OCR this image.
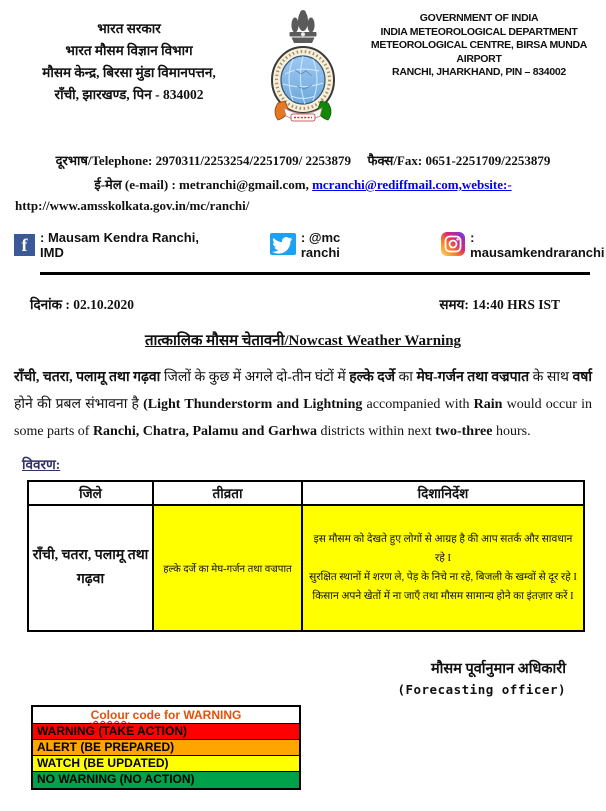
भारत सरकार
भारत मौसम विज्ञान विभाग
मौसम केन्द्र, बिरसा मुंडा विमानपत्तन,
राँची, झारखण्ड, पिन - 834002
GOVERNMENT OF INDIA
INDIA METEOROLOGICAL DEPARTMENT
METEOROLOGICAL CENTRE, BIRSA MUNDA AIRPORT
RANCHI, JHARKHAND, PIN – 834002
दूरभाष/Telephone: 2970311/2253254/2251709/ 2253879 फैक्स/Fax: 0651-2251709/2253879
ई-मेल (e-mail) : metranchi@gmail.com, mcranchi@rediffmail.com,website:-
http://www.amsskolkata.gov.in/mc/ranchi/
f : Mausam Kendra Ranchi, IMD
: @mc ranchi
: mausamkendraranchi
दिनांक : 02.10.2020	समय: 14:40 HRS IST
तात्कालिक मौसम चेतावनी/Nowcast Weather Warning
राँची, चतरा, पलामू तथा गढ़वा जिलों के कुछ में अगले दो-तीन घंटों में हल्के दर्जे का मेघ-गर्जन तथा वज्रपात के साथ वर्षा होने की प्रबल संभावना है (Light Thunderstorm and Lightning accompanied with Rain would occur in some parts of Ranchi, Chatra, Palamu and Garhwa districts within next two-three hours.
विवरण:
जिले	तीव्रता	दिशानिर्देश
राँची, चतरा, पलामू तथा गढ़वा	हल्के दर्जे का मेघ-गर्जन तथा वज्रपात	इस मौसम को देखते हुए लोगों से आग्रह है की आप सतर्क और सावधान रहे I
सुरक्षित स्थानों में शरण ले, पेड़ के निचे ना रहे, बिजली के खम्वों से दूर रहे I
किसान अपने खेतों में ना जाएँ तथा मौसम सामान्य होने का इंतज़ार करें I
मौसम पूर्वानुमान अधिकारी
(Forecasting officer)
Colour code for WARNING
WARNING (TAKE ACTION)
ALERT (BE PREPARED)
WATCH (BE UPDATED)
NO WARNING (NO ACTION)
